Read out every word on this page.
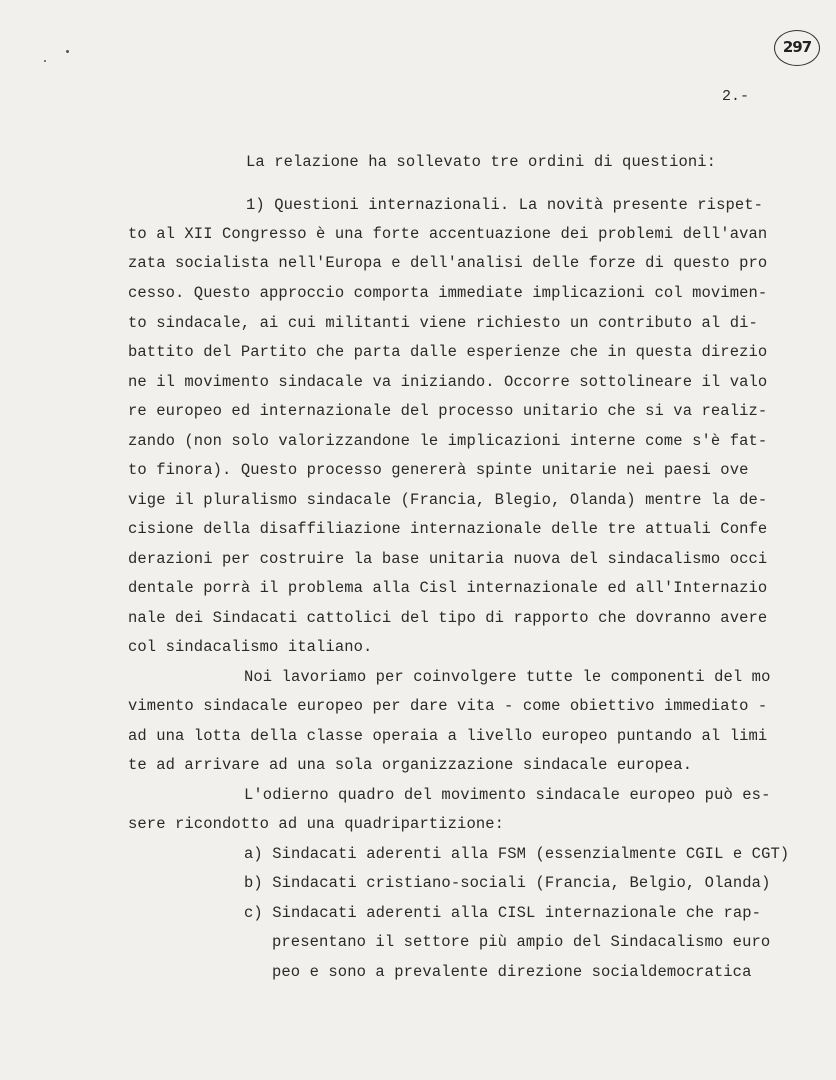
297
2.-
La relazione ha sollevato tre ordini di questioni:
1) Questioni internazionali. La novità presente rispet-
to al XII Congresso è una forte accentuazione dei problemi dell'avan
zata socialista nell'Europa e dell'analisi delle forze di questo pro
cesso. Questo approccio comporta immediate implicazioni col movimen-
to sindacale, ai cui militanti viene richiesto un contributo al di-
battito del Partito che parta dalle esperienze che in questa direzio
ne il movimento sindacale va iniziando. Occorre sottolineare il valo
re europeo ed internazionale del processo unitario che si va realiz-
zando (non solo valorizzandone le implicazioni interne come s'è fat-
to finora). Questo processo genererà spinte unitarie nei paesi ove
vige il pluralismo sindacale (Francia, Blegio, Olanda) mentre la de-
cisione della disaffiliazione internazionale delle tre attuali Confe
derazioni per costruire la base unitaria nuova del sindacalismo occi
dentale porrà il problema alla Cisl internazionale ed all'Internazio
nale dei Sindacati cattolici del tipo di rapporto che dovranno avere
col sindacalismo italiano.
Noi lavoriamo per coinvolgere tutte le componenti del mo
vimento sindacale europeo per dare vita - come obiettivo immediato -
ad una lotta della classe operaia a livello europeo puntando al limi
te ad arrivare ad una sola organizzazione sindacale europea.
L'odierno quadro del movimento sindacale europeo può es-
sere ricondotto ad una quadripartizione:
a) Sindacati aderenti alla FSM (essenzialmente CGIL e CGT)
b) Sindacati cristiano-sociali (Francia, Belgio, Olanda)
c) Sindacati aderenti alla CISL internazionale che rap-
presentano il settore più ampio del Sindacalismo euro
peo e sono a prevalente direzione socialdemocratica
